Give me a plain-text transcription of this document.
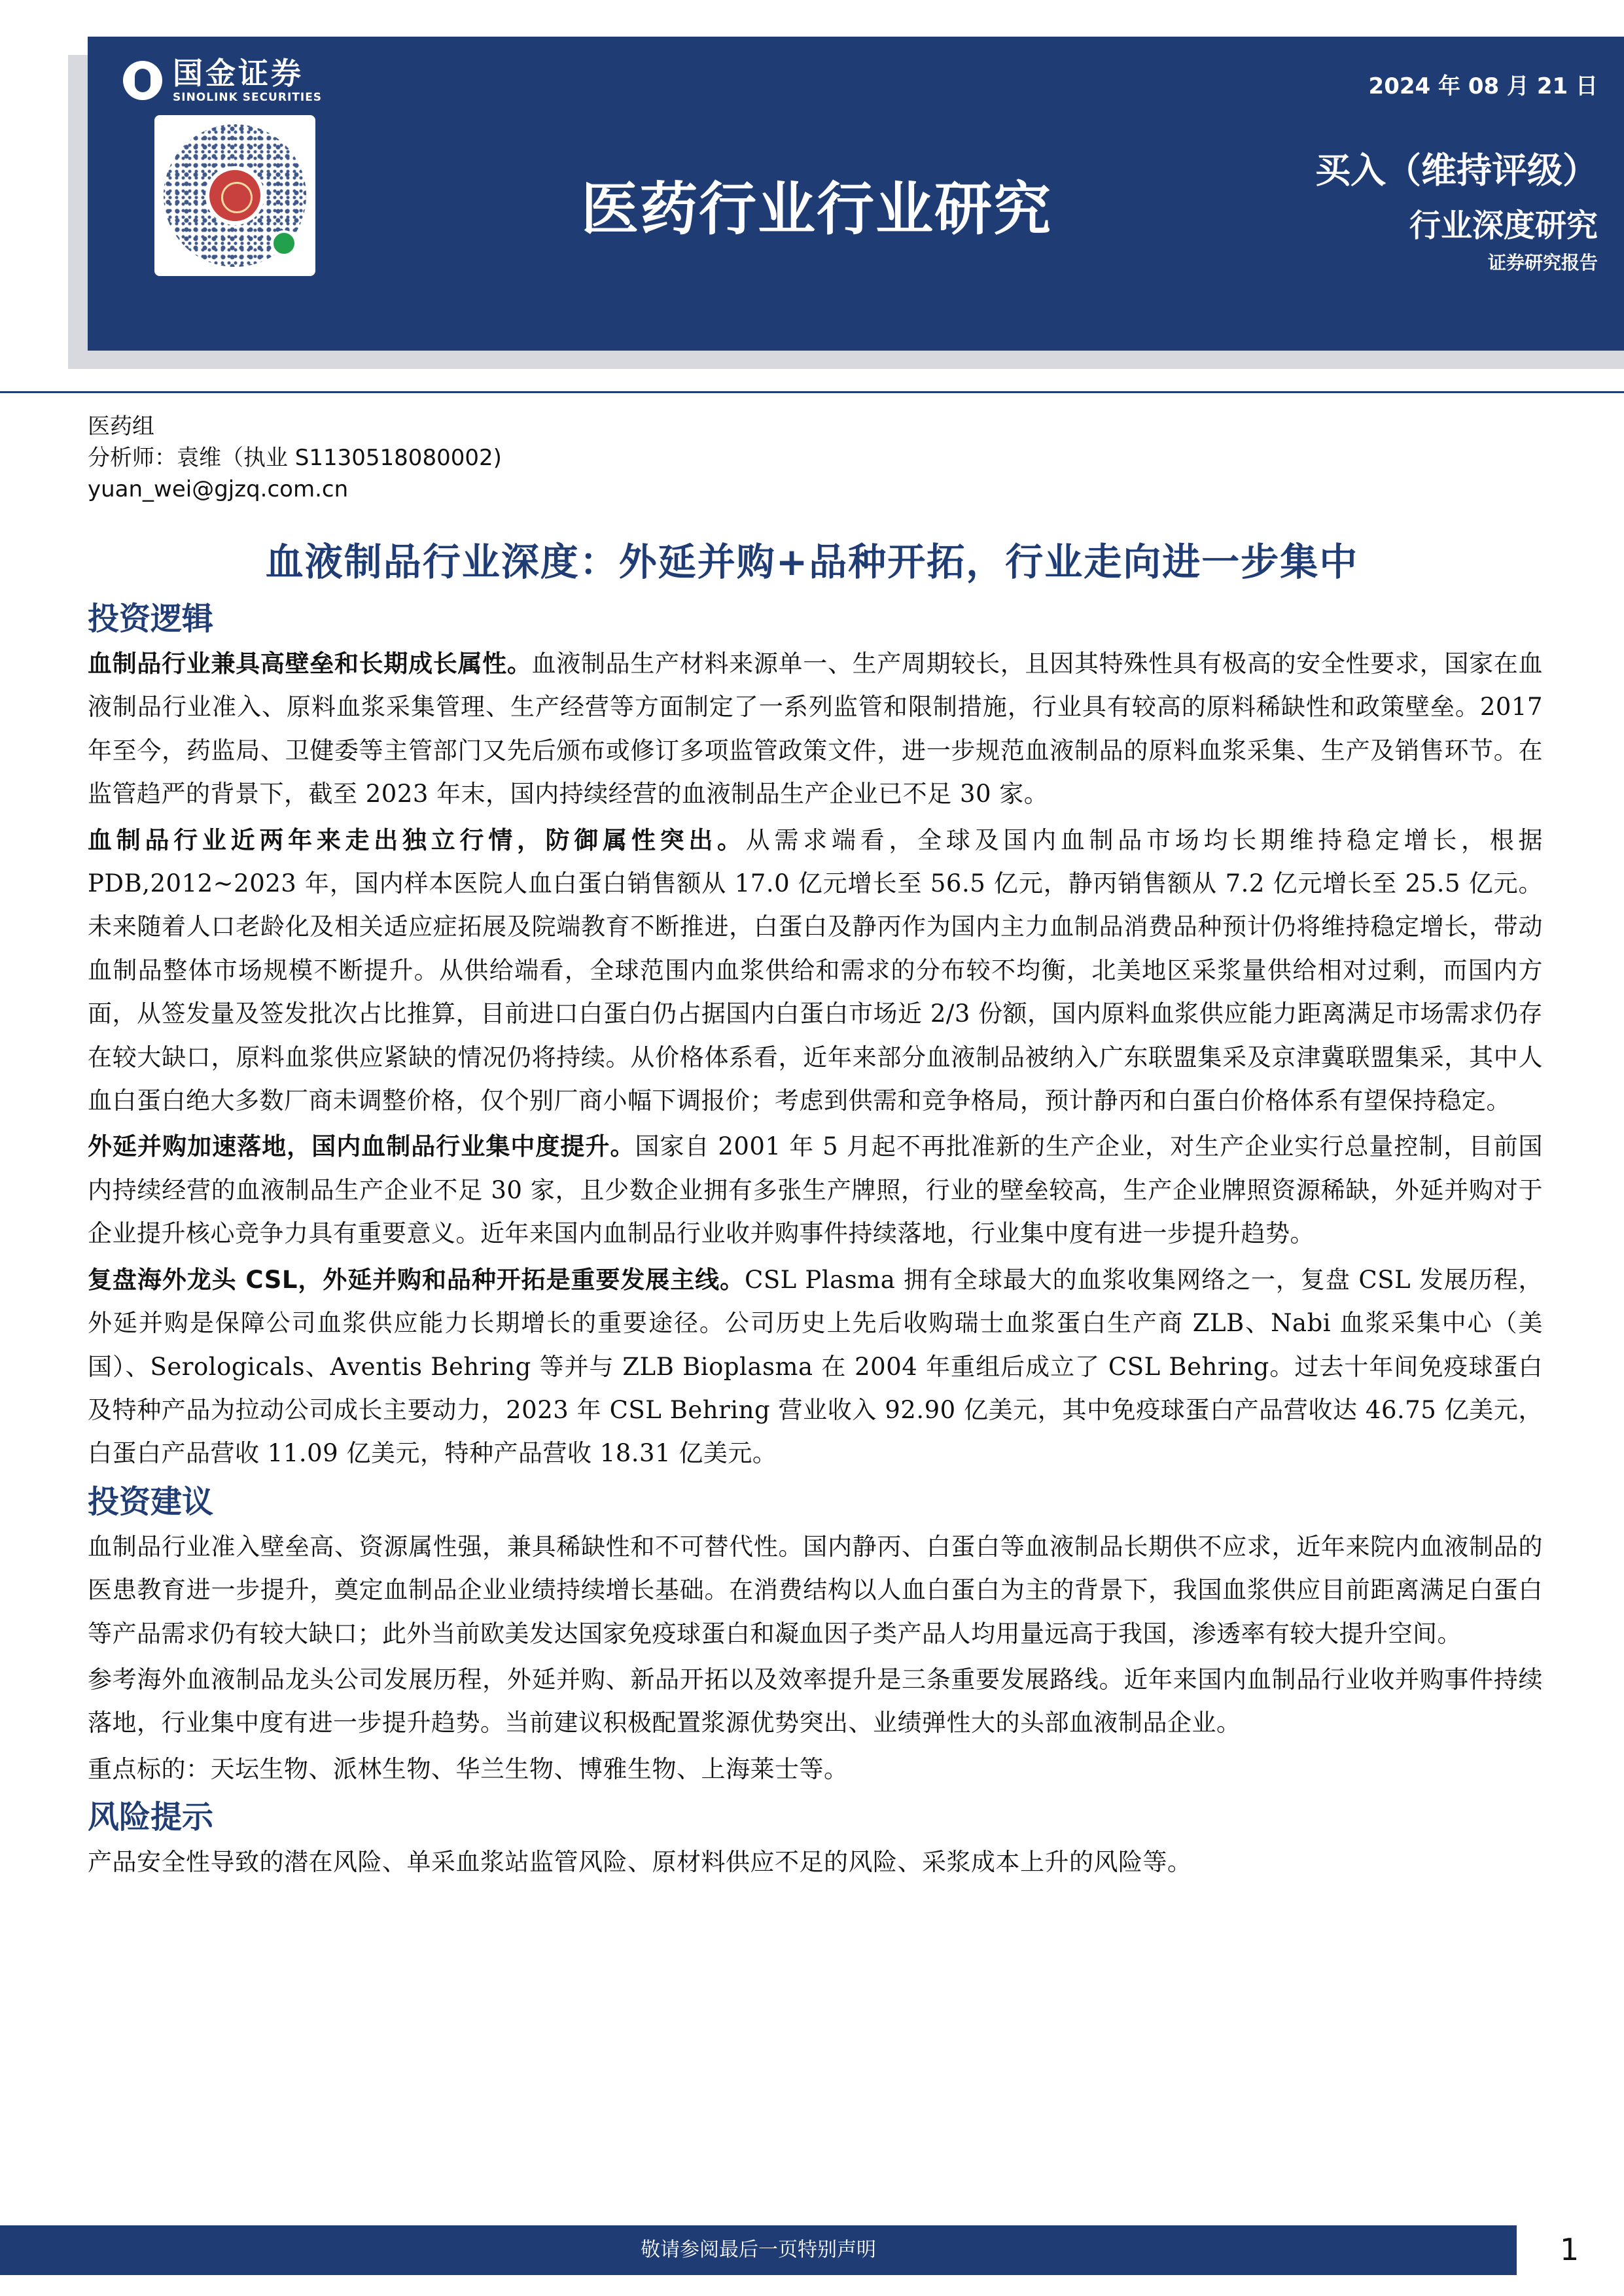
国金证券
SINOLINK SECURITIES	2024 年 08 月 21 日
医药行业行业研究
买入（维持评级）
行业深度研究
证券研究报告
医药组
分析师：袁维（执业 S1130518080002)
yuan_wei@gjzq.com.cn
血液制品行业深度：外延并购+品种开拓，行业走向进一步集中
投资逻辑
血制品行业兼具高壁垒和长期成长属性。血液制品生产材料来源单一、生产周期较长，且因其特殊性具有极高的安全性要求，国家在血液制品行业准入、原料血浆采集管理、生产经营等方面制定了一系列监管和限制措施，行业具有较高的原料稀缺性和政策壁垒。2017 年至今，药监局、卫健委等主管部门又先后颁布或修订多项监管政策文件，进一步规范血液制品的原料血浆采集、生产及销售环节。在监管趋严的背景下，截至 2023 年末，国内持续经营的血液制品生产企业已不足 30 家。
血制品行业近两年来走出独立行情，防御属性突出。从需求端看，全球及国内血制品市场均长期维持稳定增长，根据PDB,2012~2023 年，国内样本医院人血白蛋白销售额从 17.0 亿元增长至 56.5 亿元，静丙销售额从 7.2 亿元增长至 25.5 亿元。未来随着人口老龄化及相关适应症拓展及院端教育不断推进，白蛋白及静丙作为国内主力血制品消费品种预计仍将维持稳定增长，带动血制品整体市场规模不断提升。从供给端看，全球范围内血浆供给和需求的分布较不均衡，北美地区采浆量供给相对过剩，而国内方面，从签发量及签发批次占比推算，目前进口白蛋白仍占据国内白蛋白市场近 2/3 份额，国内原料血浆供应能力距离满足市场需求仍存在较大缺口，原料血浆供应紧缺的情况仍将持续。从价格体系看，近年来部分血液制品被纳入广东联盟集采及京津冀联盟集采，其中人血白蛋白绝大多数厂商未调整价格，仅个别厂商小幅下调报价；考虑到供需和竞争格局，预计静丙和白蛋白价格体系有望保持稳定。
外延并购加速落地，国内血制品行业集中度提升。国家自 2001 年 5 月起不再批准新的生产企业，对生产企业实行总量控制，目前国内持续经营的血液制品生产企业不足 30 家，且少数企业拥有多张生产牌照，行业的壁垒较高，生产企业牌照资源稀缺，外延并购对于企业提升核心竞争力具有重要意义。近年来国内血制品行业收并购事件持续落地，行业集中度有进一步提升趋势。
复盘海外龙头 CSL，外延并购和品种开拓是重要发展主线。CSL Plasma 拥有全球最大的血浆收集网络之一，复盘 CSL 发展历程，外延并购是保障公司血浆供应能力长期增长的重要途径。公司历史上先后收购瑞士血浆蛋白生产商 ZLB、Nabi 血浆采集中心（美国）、Serologicals、Aventis Behring 等并与 ZLB Bioplasma 在 2004 年重组后成立了 CSL Behring。过去十年间免疫球蛋白及特种产品为拉动公司成长主要动力，2023 年 CSL Behring 营业收入 92.90 亿美元，其中免疫球蛋白产品营收达 46.75 亿美元，白蛋白产品营收 11.09 亿美元，特种产品营收 18.31 亿美元。
投资建议
血制品行业准入壁垒高、资源属性强，兼具稀缺性和不可替代性。国内静丙、白蛋白等血液制品长期供不应求，近年来院内血液制品的医患教育进一步提升，奠定血制品企业业绩持续增长基础。在消费结构以人血白蛋白为主的背景下，我国血浆供应目前距离满足白蛋白等产品需求仍有较大缺口；此外当前欧美发达国家免疫球蛋白和凝血因子类产品人均用量远高于我国，渗透率有较大提升空间。
参考海外血液制品龙头公司发展历程，外延并购、新品开拓以及效率提升是三条重要发展路线。近年来国内血制品行业收并购事件持续落地，行业集中度有进一步提升趋势。当前建议积极配置浆源优势突出、业绩弹性大的头部血液制品企业。
重点标的：天坛生物、派林生物、华兰生物、博雅生物、上海莱士等。
风险提示
产品安全性导致的潜在风险、单采血浆站监管风险、原材料供应不足的风险、采浆成本上升的风险等。
敬请参阅最后一页特别声明	1
